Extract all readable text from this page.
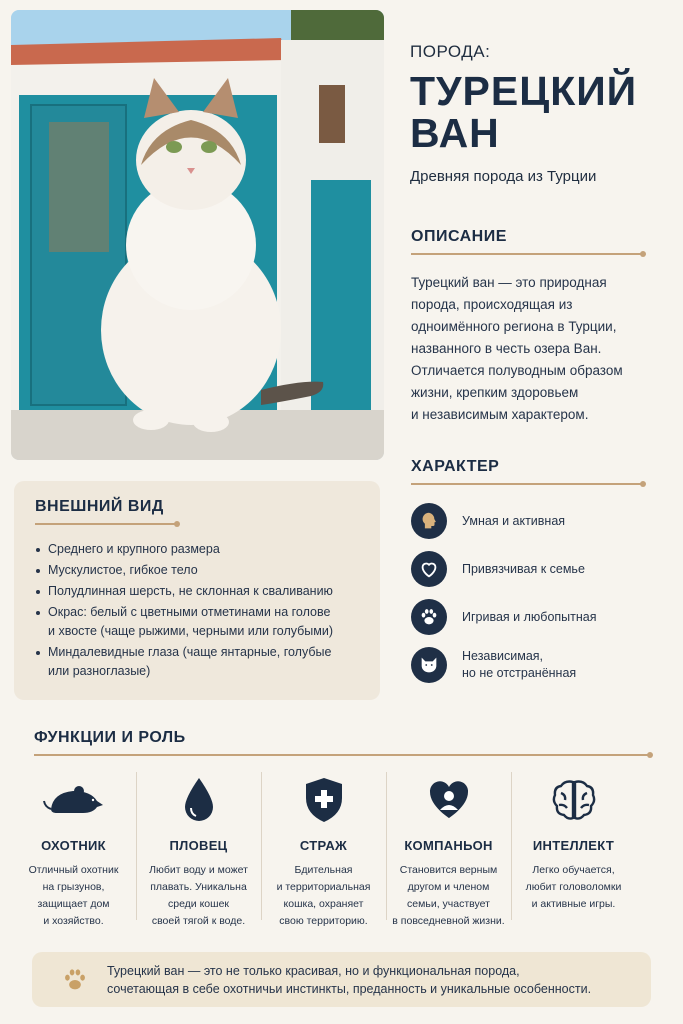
ПОРОДА:
ТУРЕЦКИЙ
ВАН
Древняя порода из Турции
ОПИСАНИЕ
Турецкий ван — это природная
порода, происходящая из
одноимённого региона в Турции,
названного в честь озера Ван.
Отличается полуводным образом
жизни, крепким здоровьем
и независимым характером.
ХАРАКТЕР
Умная и активная
Привязчивая к семье
Игривая и любопытная
Независимая,
но не отстранённая
ВНЕШНИЙ ВИД
Среднего и крупного размера
Мускулистое, гибкое тело
Полудлинная шерсть, не склонная к сваливанию
Окрас: белый с цветными отметинами на голове
и хвосте (чаще рыжими, черными или голубыми)
Миндалевидные глаза (чаще янтарные, голубые
или разноглазые)
ФУНКЦИИ И РОЛЬ
ОХОТНИК
Отличный охотник
на грызунов,
защищает дом
и хозяйство.
ПЛОВЕЦ
Любит воду и может
плавать. Уникальна
среди кошек
своей тягой к воде.
СТРАЖ
Бдительная
и территориальная
кошка, охраняет
свою территорию.
КОМПАНЬОН
Становится верным
другом и членом
семьи, участвует
в повседневной жизни.
ИНТЕЛЛЕКТ
Легко обучается,
любит головоломки
и активные игры.
Турецкий ван — это не только красивая, но и функциональная порода,
сочетающая в себе охотничьи инстинкты, преданность и уникальные особенности.
